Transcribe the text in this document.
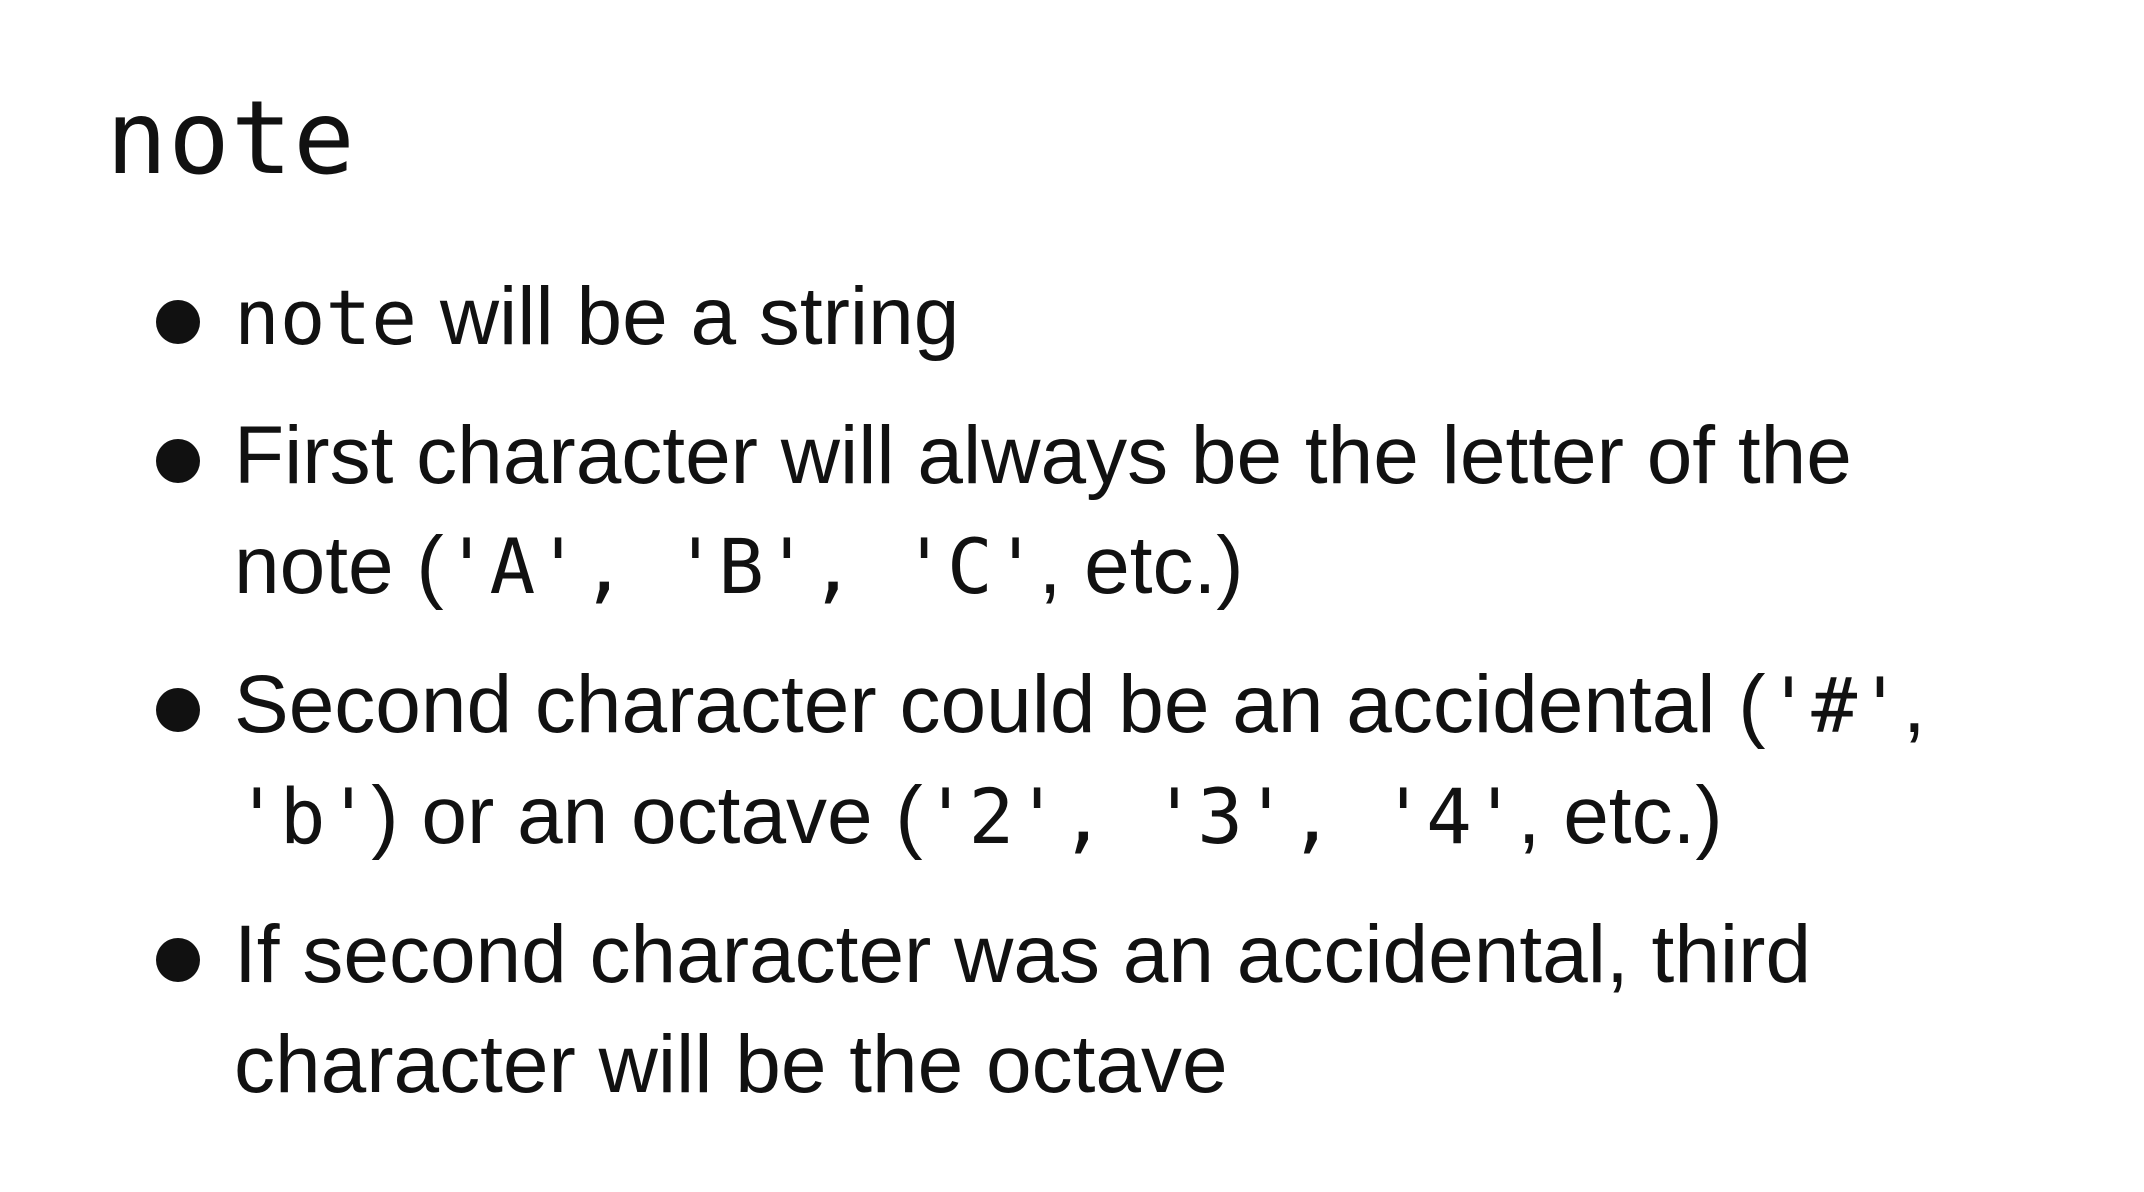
note
note will be a string
First character will always be the letter of the
note ('A', 'B', 'C', etc.)
Second character could be an accidental ('#',
'b') or an octave ('2', '3', '4', etc.)
If second character was an accidental, third
character will be the octave
